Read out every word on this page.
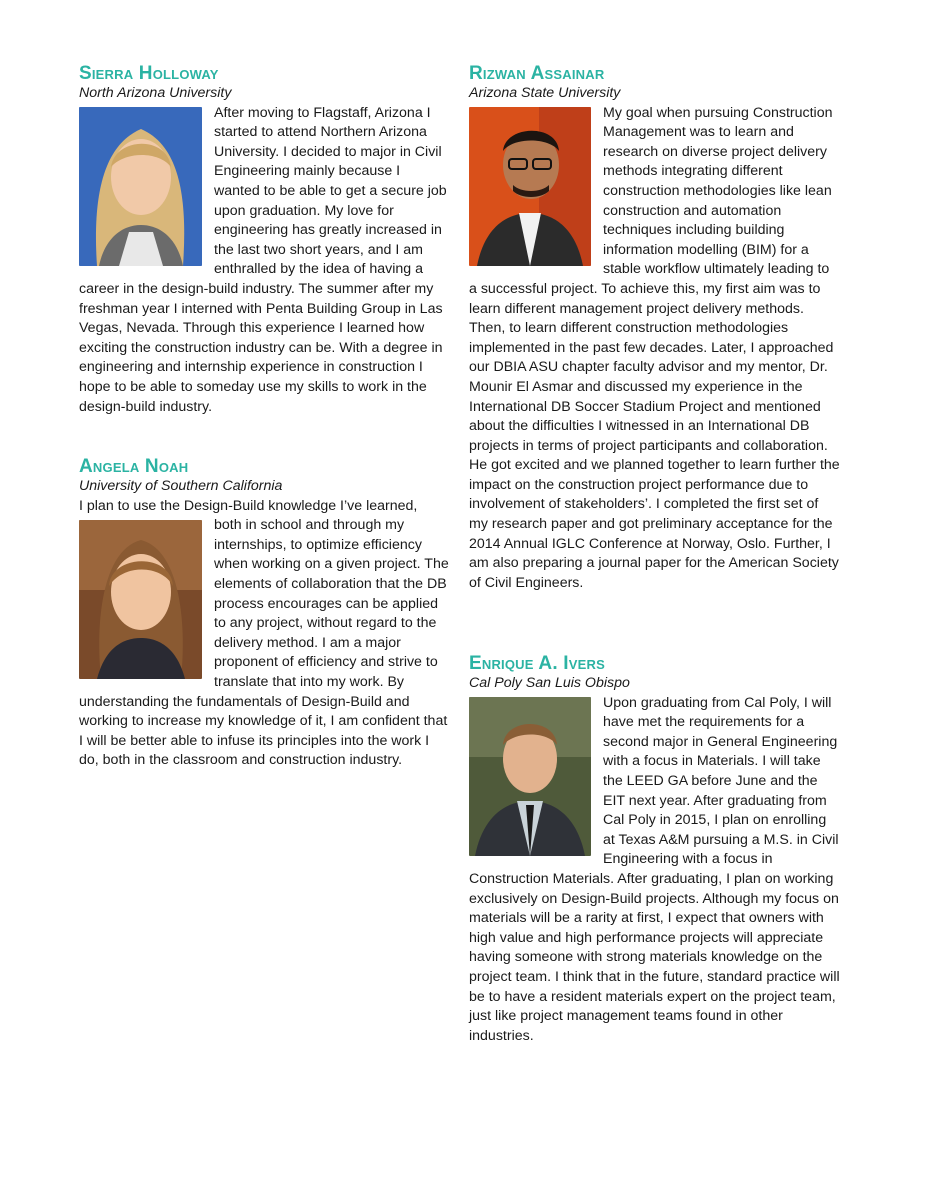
Sierra Holloway

North Arizona University

After moving to Flagstaff, Arizona I started to attend Northern Arizona University. I decided to major in Civil Engineering mainly because I wanted to be able to get a secure job upon graduation. My love for engineering has greatly increased in the last two short years, and I am enthralled by the idea of having a career in the design-build industry. The summer after my freshman year I interned with Penta Building Group in Las Vegas, Nevada. Through this experience I learned how exciting the construction industry can be. With a degree in engineering and internship experience in construction I hope to be able to someday use my skills to work in the design-build industry.

Angela Noah

University of Southern California

I plan to use the Design-Build knowledge I’ve learned,

both in school and through my internships, to optimize efficiency when working on a given project. The elements of collaboration that the DB process encourages can be applied to any project, without regard to the delivery method. I am a major proponent of efficiency and strive to translate that into my work. By understanding the fundamentals of Design-Build and working to increase my knowledge of it, I am confident that I will be better able to infuse its principles into the work I do, both in the classroom and construction industry.

Rizwan Assainar

Arizona State University

My goal when pursuing Construction Management was to learn and research on diverse project delivery methods integrating different construction methodologies like lean construction and automation techniques including building information modelling (BIM) for a stable workflow ultimately leading to a successful project. To achieve this, my first aim was to learn different management project delivery methods. Then, to learn different construction methodologies implemented in the past few decades. Later, I approached our DBIA ASU chapter faculty advisor and my mentor, Dr. Mounir El Asmar and discussed my experience in the International DB Soccer Stadium Project and mentioned about the difficulties I witnessed in an International DB projects in terms of project participants and collaboration. He got excited and we planned together to learn further the impact on the construction project performance due to involvement of stakeholders’. I completed the first set of my research paper and got preliminary acceptance for the 2014 Annual IGLC Conference at Norway, Oslo. Further, I am also preparing a journal paper for the American Society of Civil Engineers.

Enrique A. Ivers

Cal Poly San Luis Obispo

Upon graduating from Cal Poly, I will have met the requirements for a second major in General Engineering with a focus in Materials. I will take the LEED GA before June and the EIT next year. After graduating from Cal Poly in 2015, I plan on enrolling at Texas A&M pursuing a M.S. in Civil Engineering with a focus in Construction Materials. After graduating, I plan on working exclusively on Design-Build projects. Although my focus on materials will be a rarity at first, I expect that owners with high value and high performance projects will appreciate having someone with strong materials knowledge on the project team. I think that in the future, standard practice will be to have a resident materials expert on the project team, just like project management teams found in other industries.
